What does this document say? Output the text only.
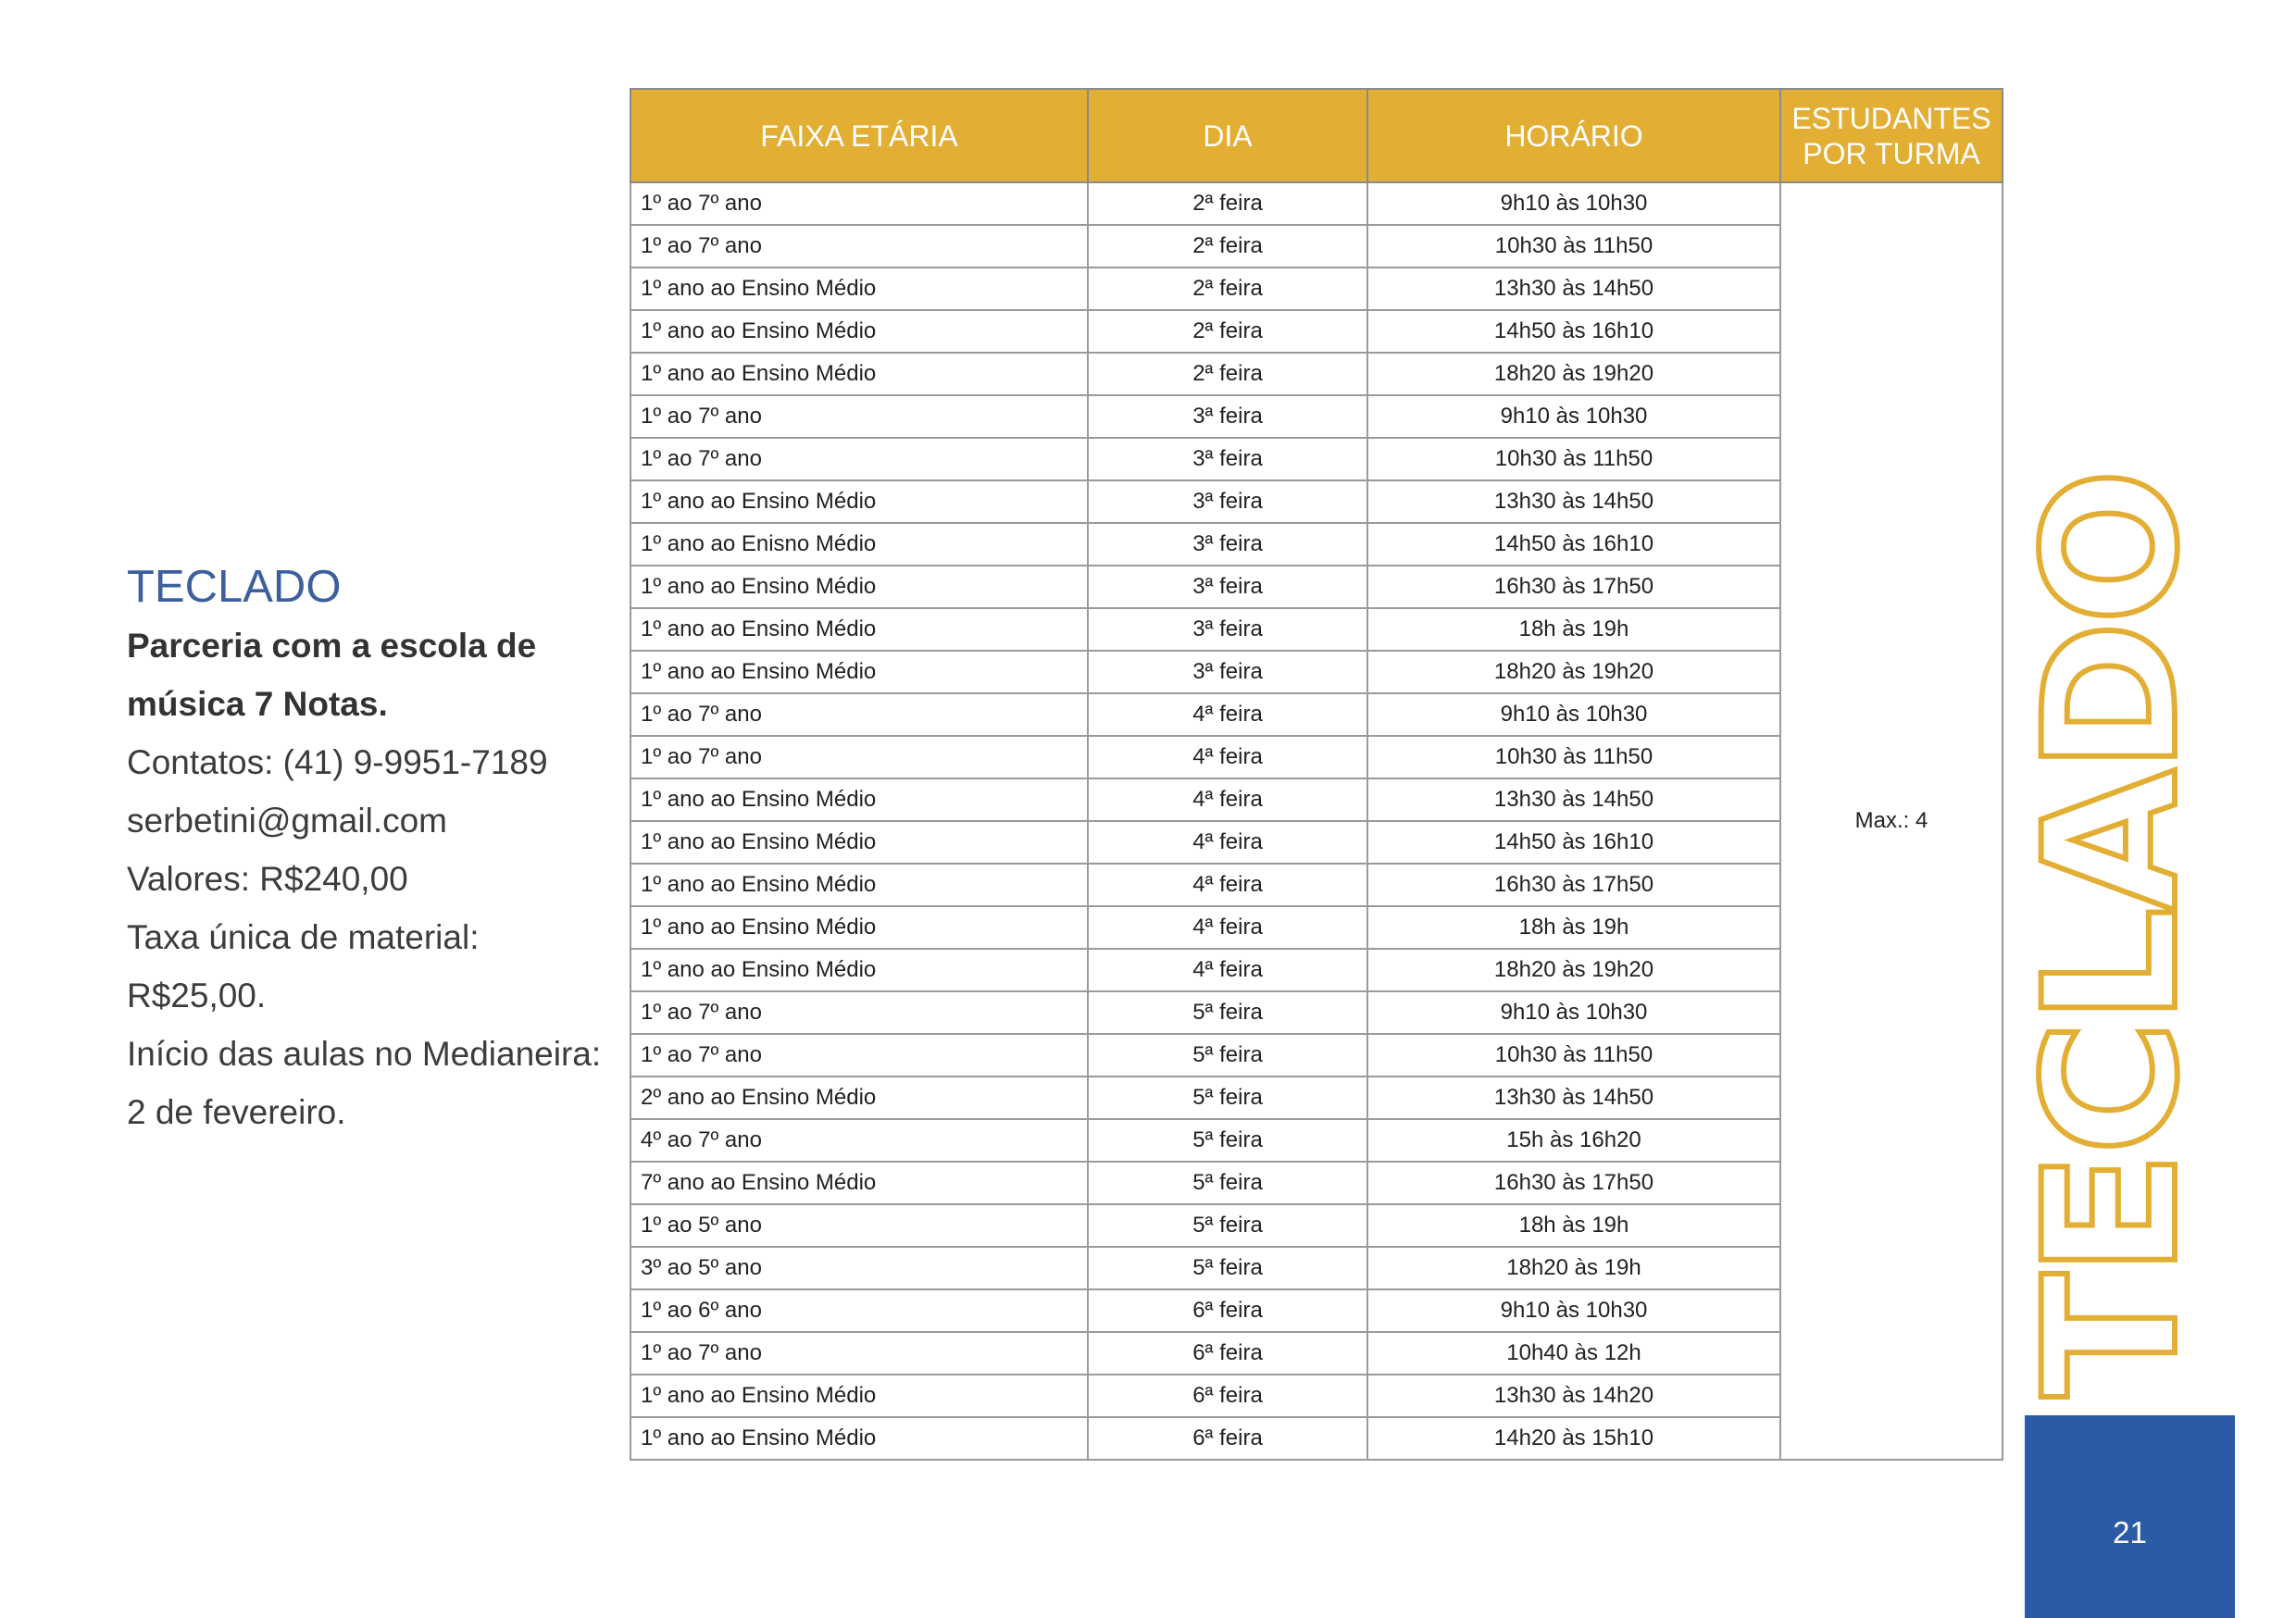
TECLADO

Parceria com a escola de

música 7 Notas.

Contatos: (41) 9-9951-7189

serbetini@gmail.com

Valores: R$240,00

Taxa única de material:

R$25,00.

Início das aulas no Medianeira:

2 de fevereiro.

FAIXA ETÁRIA	DIA	HORÁRIO	ESTUDANTES POR TURMA
1º ao 7º ano	2ª feira	9h10 às 10h30	Max.: 4
1º ao 7º ano	2ª feira	10h30 às 11h50	
1º ano ao Ensino Médio	2ª feira	13h30 às 14h50	
1º ano ao Ensino Médio	2ª feira	14h50 às 16h10	
1º ano ao Ensino Médio	2ª feira	18h20 às 19h20	
1º ao 7º ano	3ª feira	9h10 às 10h30	
1º ao 7º ano	3ª feira	10h30 às 11h50	
1º ano ao Ensino Médio	3ª feira	13h30 às 14h50	
1º ano ao Enisno Médio	3ª feira	14h50 às 16h10	
1º ano ao Ensino Médio	3ª feira	16h30 às 17h50	
1º ano ao Ensino Médio	3ª feira	18h às 19h	
1º ano ao Ensino Médio	3ª feira	18h20 às 19h20	
1º ao 7º ano	4ª feira	9h10 às 10h30	
1º ao 7º ano	4ª feira	10h30 às 11h50	
1º ano ao Ensino Médio	4ª feira	13h30 às 14h50	
1º ano ao Ensino Médio	4ª feira	14h50 às 16h10	
1º ano ao Ensino Médio	4ª feira	16h30 às 17h50	
1º ano ao Ensino Médio	4ª feira	18h às 19h	
1º ano ao Ensino Médio	4ª feira	18h20 às 19h20	
1º ao 7º ano	5ª feira	9h10 às 10h30	
1º ao 7º ano	5ª feira	10h30 às 11h50	
2º ano ao Ensino Médio	5ª feira	13h30 às 14h50	
4º ao 7º ano	5ª feira	15h às 16h20	
7º ano ao Ensino Médio	5ª feira	16h30 às 17h50	
1º ao 5º ano	5ª feira	18h às 19h	
3º ao 5º ano	5ª feira	18h20 às 19h	
1º ao 6º ano	6ª feira	9h10 às 10h30	
1º ao 7º ano	6ª feira	10h40 às 12h	
1º ano ao Ensino Médio	6ª feira	13h30 às 14h20	
1º ano ao Ensino Médio	6ª feira	14h20 às 15h10	
TECLADO
21
